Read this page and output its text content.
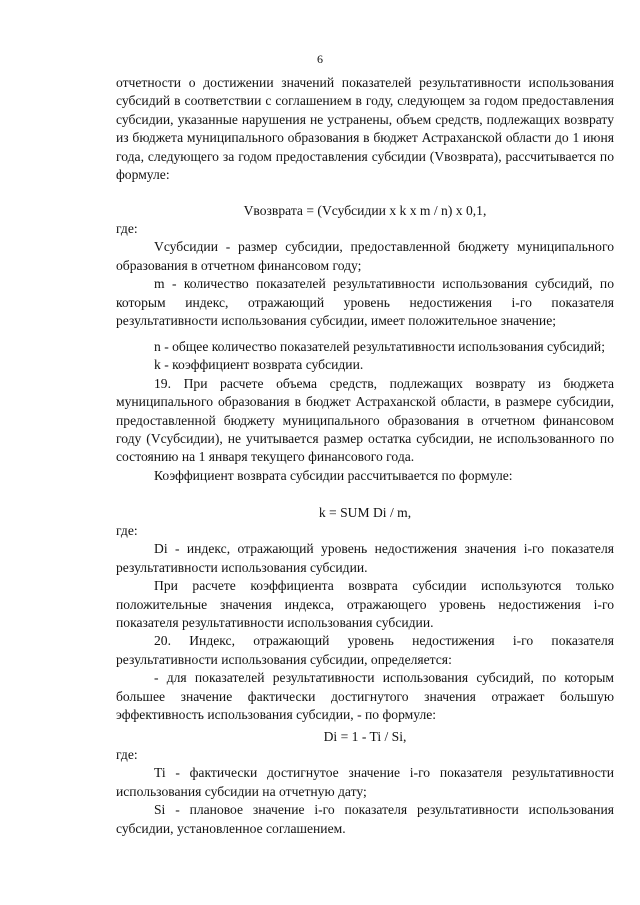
6

отчетности о достижении значений показателей результативности использования субсидий в соответствии с соглашением в году, следующем за годом предоставления субсидии, указанные нарушения не устранены, объем средств, подлежащих возврату из бюджета муниципального образования в бюджет Астраханской области до 1 июня года, следующего за годом предоставления субсидии (Vвозврата), рассчитывается по формуле:

Vвозврата = (Vсубсидии x k x m / n) x 0,1,

где:

Vсубсидии - размер субсидии, предоставленной бюджету муниципального образования в отчетном финансовом году;

m - количество показателей результативности использования субсидий, по которым индекс, отражающий уровень недостижения i-го показателя результативности использования субсидии, имеет положительное значение;

n - общее количество показателей результативности использования субсидий;

k - коэффициент возврата субсидии.

19. При расчете объема средств, подлежащих возврату из бюджета муниципального образования в бюджет Астраханской области, в размере субсидии, предоставленной бюджету муниципального образования в отчетном финансовом году (Vсубсидии), не учитывается размер остатка субсидии, не использованного по состоянию на 1 января текущего финансового года.

Коэффициент возврата субсидии рассчитывается по формуле:

k = SUM Di / m,

где:

Di - индекс, отражающий уровень недостижения значения i-го показателя результативности использования субсидии.

При расчете коэффициента возврата субсидии используются только положительные значения индекса, отражающего уровень недостижения i-го показателя результативности использования субсидии.

20. Индекс, отражающий уровень недостижения i-го показателя результативности использования субсидии, определяется:

- для показателей результативности использования субсидий, по которым большее значение фактически достигнутого значения отражает большую эффективность использования субсидии, - по формуле:

Di = 1 - Ti / Si,

где:

Ti - фактически достигнутое значение i-го показателя результативности использования субсидии на отчетную дату;

Si - плановое значение i-го показателя результативности использования субсидии, установленное соглашением.
